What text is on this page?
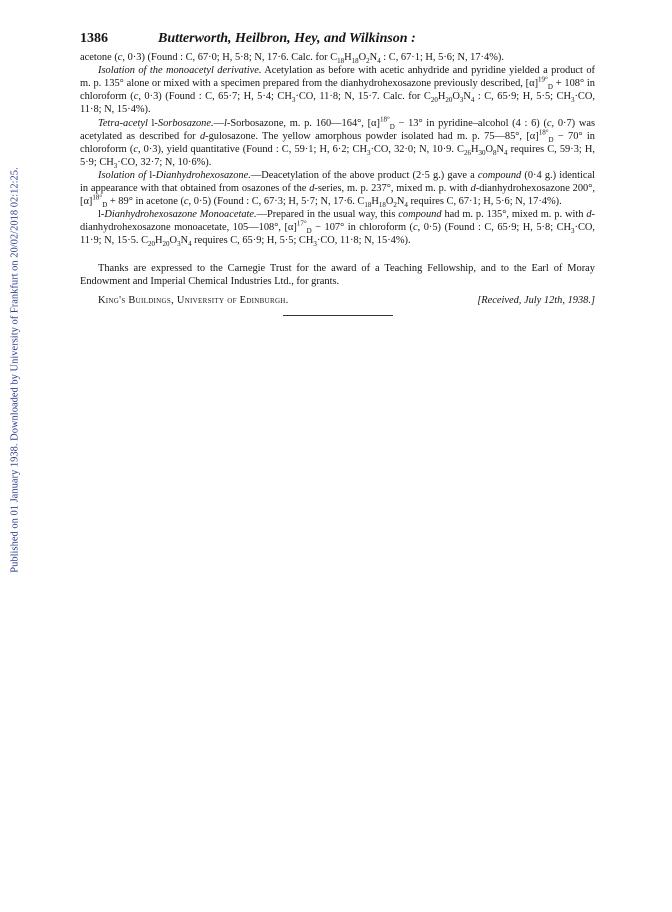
Published on 01 January 1938. Downloaded by University of Frankfurt on 20/02/2018 02:12:25.
1386	Butterworth, Heilbron, Hey, and Wilkinson :

acetone (c, 0·3) (Found : C, 67·0; H, 5·8; N, 17·6. Calc. for $C_{18}H_{18}O_2N_4$ : C, 67·1; H, 5·6; N, 17·4%).

Isolation of the monoacetyl derivative. Acetylation as before with acetic anhydride and pyridine yielded a product of m. p. 135° alone or mixed with a specimen prepared from the dianhydrohexosazone previously described, $[\alpha]^{19^\circ}_D + 108^\circ$ in chloroform (c, 0·3) (Found : C, 65·7; H, 5·4; $CH_3\cdot CO$, 11·8; N, 15·7. Calc. for $C_{20}H_{20}O_3N_4$ : C, 65·9; H, 5·5; $CH_3\cdot CO$, 11·8; N, 15·4%).

Tetra-acetyl l-Sorbosazone.—l-Sorbosazone, m. p. 160—164°, $[\alpha]^{18^\circ}_D - 13^\circ$ in pyridine–alcohol (4 : 6) (c, 0·7) was acetylated as described for d-gulosazone. The yellow amorphous powder isolated had m. p. 75—85°, $[\alpha]^{18^\circ}_D - 70^\circ$ in chloroform (c, 0·3), yield quantitative (Found : C, 59·1; H, 6·2; $CH_3\cdot CO$, 32·0; N, 10·9. $C_{26}H_{30}O_8N_4$ requires C, 59·3; H, 5·9; $CH_3\cdot CO$, 32·7; N, 10·6%).

Isolation of l-Dianhydrohexosazone.—Deacetylation of the above product (2·5 g.) gave a compound (0·4 g.) identical in appearance with that obtained from osazones of the d-series, m. p. 237°, mixed m. p. with d-dianhydrohexosazone 200°, $[\alpha]^{18^\circ}_D + 89^\circ$ in acetone (c, 0·5) (Found : C, 67·3; H, 5·7; N, 17·6. $C_{18}H_{18}O_2N_4$ requires C, 67·1; H, 5·6; N, 17·4%).

l-Dianhydrohexosazone Monoacetate.—Prepared in the usual way, this compound had m. p. 135°, mixed m. p. with d-dianhydrohexosazone monoacetate, 105—108°, $[\alpha]^{17^\circ}_D - 107^\circ$ in chloroform (c, 0·5) (Found : C, 65·9; H, 5·8; $CH_3\cdot CO$, 11·9; N, 15·5. $C_{20}H_{20}O_3N_4$ requires C, 65·9; H, 5·5; $CH_3\cdot CO$, 11·8; N, 15·4%).

Thanks are expressed to the Carnegie Trust for the award of a Teaching Fellowship, and to the Earl of Moray Endowment and Imperial Chemical Industries Ltd., for grants.

King's Buildings, University of Edinburgh.	[Received, July 12th, 1938.]
